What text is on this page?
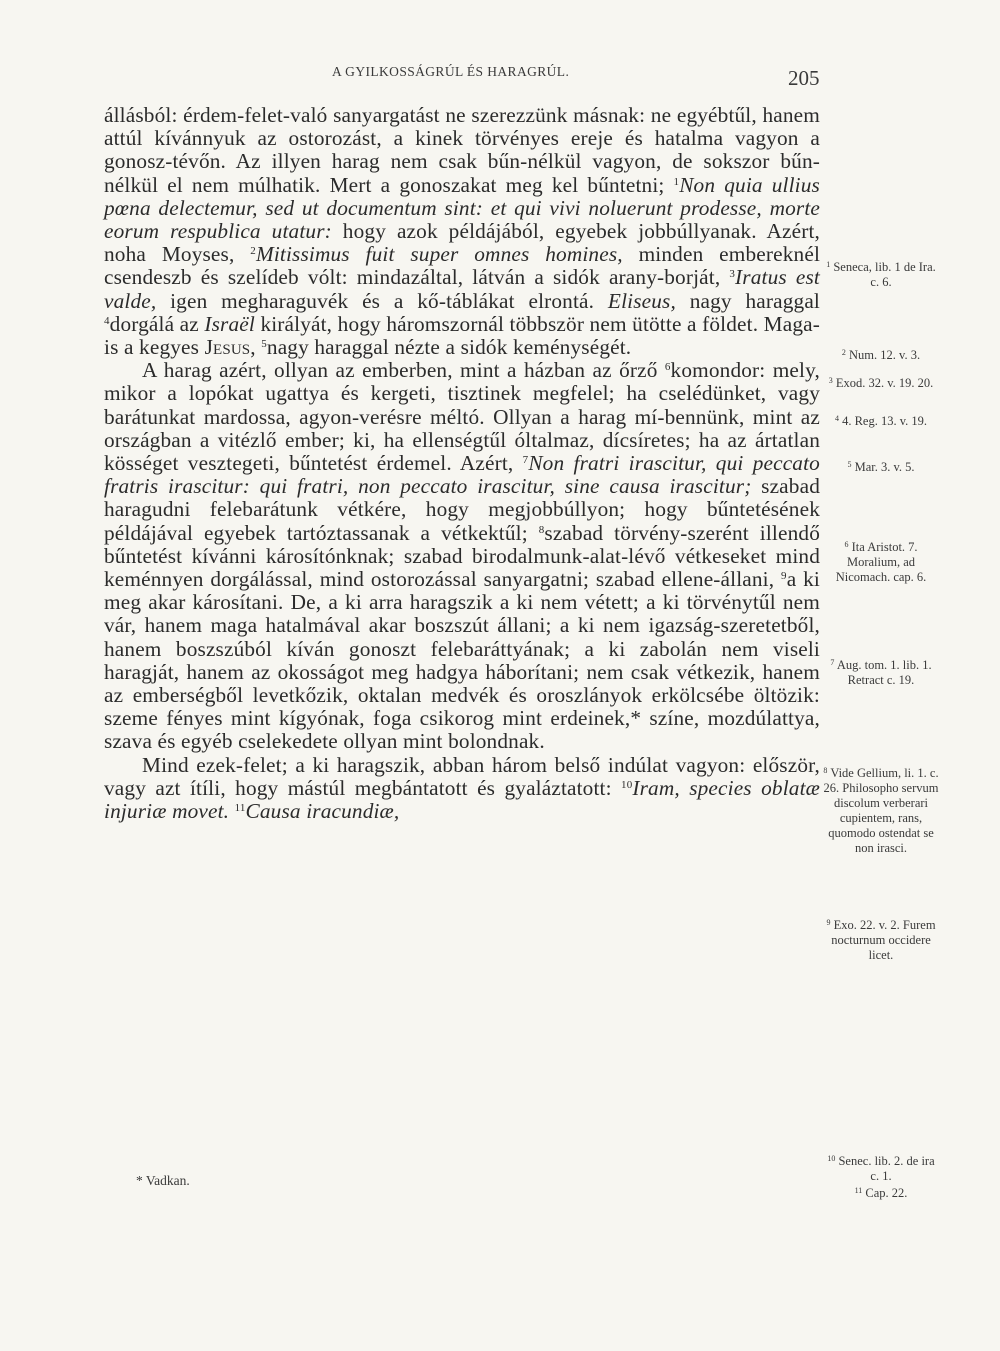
A GYILKOSSÁGRÚL ÉS HARAGRÚL.	205

állásból: érdem-felet-való sanyargatást ne szerezzünk másnak: ne egyébtűl, hanem attúl kívánnyuk az ostorozást, a kinek törvényes ereje és hatalma vagyon a gonosz-tévőn. Az illyen harag nem csak bűn-nélkül vagyon, de sokszor bűn-nélkül el nem múlhatik. Mert a gonoszakat meg kel bűntetni; $^1$Non quia ullius pœna delectemur, sed ut documentum sint: et qui vivi noluerunt prodesse, morte eorum respublica utatur: hogy azok példájából, egyebek jobbúllyanak. Azért, noha Moyses, $^2$Mitissimus fuit super omnes homines, minden embereknél csendeszb és szelídeb vólt: mindazáltal, látván a sidók arany-borját, $^3$Iratus est valde, igen megharaguvék és a kő-táblákat elrontá. Eliseus, nagy haraggal $^4$dorgálá az Israël királyát, hogy háromszornál többször nem ütötte a földet. Maga-is a kegyes Jesus, $^5$nagy haraggal nézte a sidók keménységét.

A harag azért, ollyan az emberben, mint a házban az őrző $^6$komondor: mely, mikor a lopókat ugattya és kergeti, tisztinek megfelel; ha cselédünket, vagy barátunkat mardossa, agyon-verésre méltó. Ollyan a harag mí-bennünk, mint az országban a vitézlő ember; ki, ha ellenségtűl óltalmaz, dícsíretes; ha az ártatlan kösséget vesztegeti, bűntetést érdemel. Azért, $^7$Non fratri irascitur, qui peccato fratris irascitur: qui fratri, non peccato irascitur, sine causa irascitur; szabad haragudni felebarátunk vétkére, hogy megjobbúllyon; hogy bűntetésének példájával egyebek tartóztassanak a vétkektűl; $^8$szabad törvény-szerént illendő bűntetést kívánni károsítónknak; szabad birodalmunk-alat-lévő vétkeseket mind keménnyen dorgálással, mind ostorozással sanyargatni; szabad ellene-állani, $^9$a ki meg akar károsítani. De, a ki arra haragszik a ki nem vétett; a ki törvénytűl nem vár, hanem maga hatalmával akar boszszút állani; a ki nem igazság-szeretetből, hanem boszszúból kíván gonoszt felebaráttyának; a ki zabolán nem viseli haragját, hanem az okosságot meg hadgya háborítani; nem csak vétkezik, hanem az emberségből levetkőzik, oktalan medvék és oroszlányok erkölcsébe öltözik: szeme fényes mint kígyónak, foga csikorog mint erdeinek,* színe, mozdúlattya, szava és egyéb cselekedete ollyan mint bolondnak.

Mind ezek-felet; a ki haragszik, abban három belső indúlat vagyon: először, vagy azt ítíli, hogy mástúl megbántatott és gyaláztatott: $^{10}$Iram, species oblatæ injuriæ movet. $^{11}$Causa iracundiæ,

* Vadkan.
$^1$ Seneca, lib. 1 de Ira. c. 6.
$^2$ Num. 12. v. 3.
$^3$ Exod. 32. v. 19. 20.
$^4$ 4. Reg. 13. v. 19.
$^5$ Mar. 3. v. 5.
$^6$ Ita Aristot. 7. Moralium, ad Nicomach. cap. 6.
$^7$ Aug. tom. 1. lib. 1. Retract c. 19.
$^8$ Vide Gellium, li. 1. c. 26. Philosopho servum discolum verberari cupientem, rans, quomodo ostendat se non irasci.
$^9$ Exo. 22. v. 2. Furem nocturnum occidere licet.
$^{10}$ Senec. lib. 2. de ira c. 1.
$^{11}$ Cap. 22.
